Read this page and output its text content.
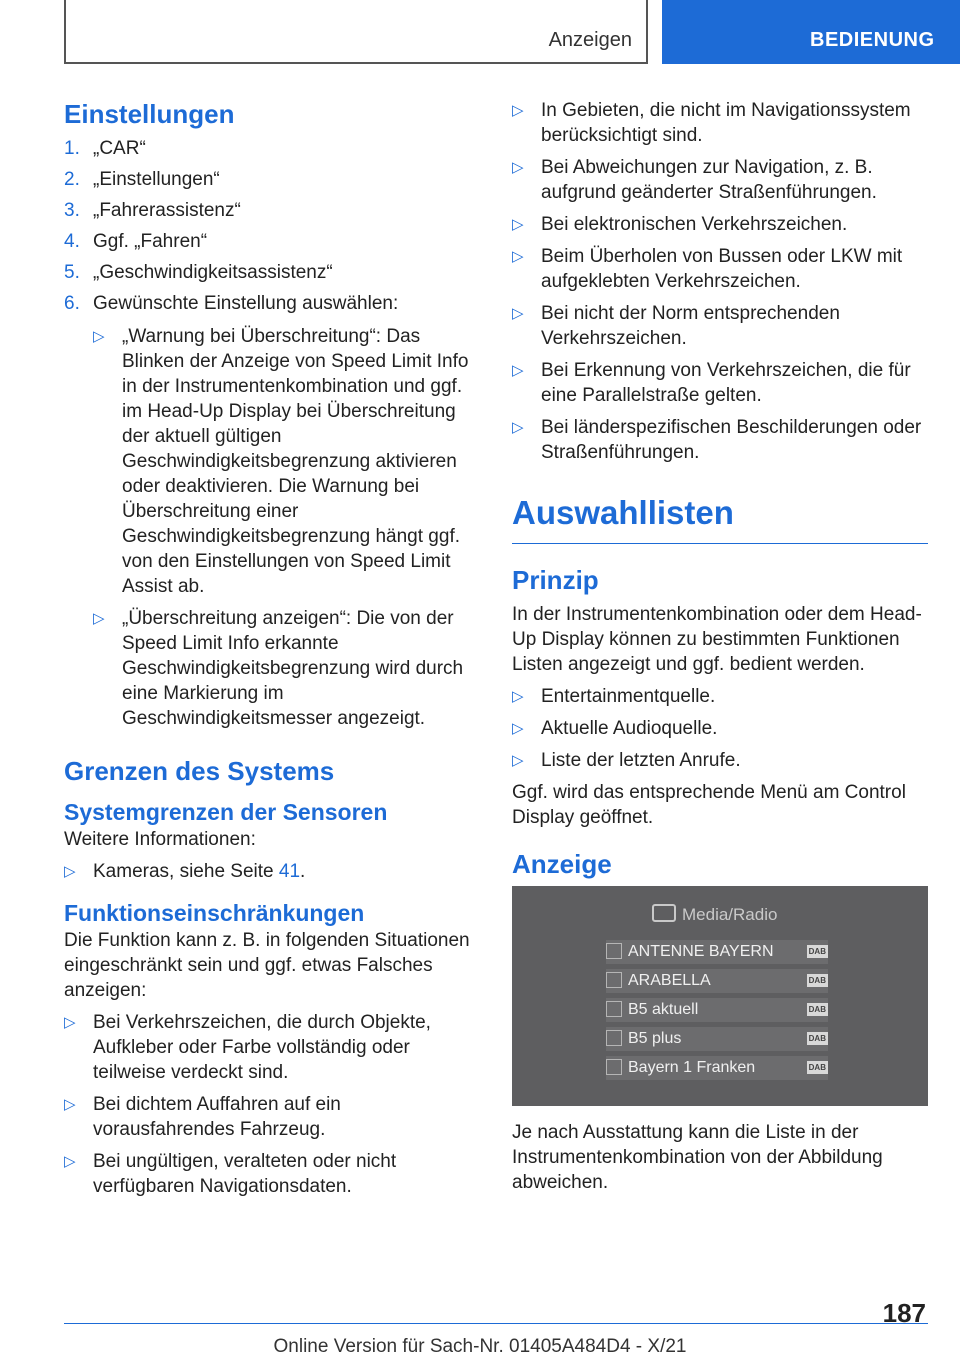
Anzeigen	BEDIENUNG
Einstellungen
1. „CAR“
2. „Einstellungen“
3. „Fahrerassistenz“
4. Ggf. „Fahren“
5. „Geschwindigkeitsassistenz“
6. Gewünschte Einstellung auswählen:
▷ „Warnung bei Überschreitung“: Das Blinken der Anzeige von Speed Limit Info in der Instrumentenkombination und ggf. im Head-Up Display bei Überschreitung der aktuell gültigen Geschwindigkeitsbegrenzung aktivieren oder deaktivieren. Die Warnung bei Überschreitung einer Geschwindigkeitsbegrenzung hängt ggf. von den Einstellungen von Speed Limit Assist ab.
▷ „Überschreitung anzeigen“: Die von der Speed Limit Info erkannte Geschwindigkeitsbegrenzung wird durch eine Markierung im Geschwindigkeitsmesser angezeigt.
Grenzen des Systems
Systemgrenzen der Sensoren
Weitere Informationen:
▷ Kameras, siehe Seite 41.
Funktionseinschränkungen
Die Funktion kann z. B. in folgenden Situationen eingeschränkt sein und ggf. etwas Falsches anzeigen:
▷ Bei Verkehrszeichen, die durch Objekte, Aufkleber oder Farbe vollständig oder teilweise verdeckt sind.
▷ Bei dichtem Auffahren auf ein vorausfahrendes Fahrzeug.
▷ Bei ungültigen, veralteten oder nicht verfügbaren Navigationsdaten.
▷ In Gebieten, die nicht im Navigationssystem berücksichtigt sind.
▷ Bei Abweichungen zur Navigation, z. B. aufgrund geänderter Straßenführungen.
▷ Bei elektronischen Verkehrszeichen.
▷ Beim Überholen von Bussen oder LKW mit aufgeklebten Verkehrszeichen.
▷ Bei nicht der Norm entsprechenden Verkehrszeichen.
▷ Bei Erkennung von Verkehrszeichen, die für eine Parallelstraße gelten.
▷ Bei länderspezifischen Beschilderungen oder Straßenführungen.
Auswahllisten
Prinzip
In der Instrumentenkombination oder dem Head-Up Display können zu bestimmten Funktionen Listen angezeigt und ggf. bedient werden.
▷ Entertainmentquelle.
▷ Aktuelle Audioquelle.
▷ Liste der letzten Anrufe.
Ggf. wird das entsprechende Menü am Control Display geöffnet.
Anzeige
Media/Radio
ANTENNE BAYERN	DAB
ARABELLA	DAB
B5 aktuell	DAB
B5 plus	DAB
Bayern 1 Franken	DAB
Je nach Ausstattung kann die Liste in der Instrumentenkombination von der Abbildung abweichen.
187
Online Version für Sach-Nr. 01405A484D4 - X/21
